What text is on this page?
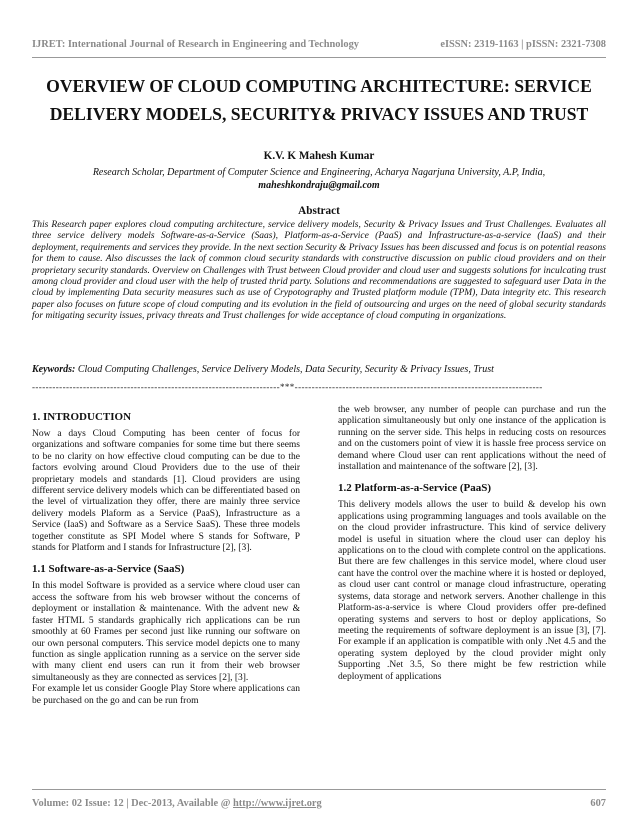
IJRET: International Journal of Research in Engineering and Technology	eISSN: 2319-1163 | pISSN: 2321-7308
OVERVIEW OF CLOUD COMPUTING ARCHITECTURE: SERVICE
DELIVERY MODELS, SECURITY& PRIVACY ISSUES AND TRUST
K.V. K Mahesh Kumar
Research Scholar, Department of Computer Science and Engineering, Acharya Nagarjuna University, A.P, India,
maheshkondraju@gmail.com
Abstract

This Research paper explores cloud computing architecture, service delivery models, Security & Privacy Issues and Trust Challenges. Evaluates all three service delivery models Software-as-a-Service (Saas), Platform-as-a-Service (PaaS) and Infrastructure-as-a-service (IaaS) and their deployment, requirements and services they provide. In the next section Security & Privacy Issues has been discussed and focus is on potential reasons for them to cause. Also discusses the lack of common cloud security standards with constructive discussion on public cloud providers and on their proprietary security standards. Overview on Challenges with Trust between Cloud provider and cloud user and suggests solutions for inculcating trust among cloud provider and cloud user with the help of trusted thrid party. Solutions and recommendations are suggested to safeguard user Data in the cloud by implementing Data security measures such as use of Crypotography and Trusted platform module (TPM), Data integrity etc. This research paper also focuses on future scope of cloud computing and its evolution in the field of outsourcing and urges on the need of global security standards for mitigating security issues, privacy threats and Trust challenges for wide acceptance of cloud computing in organizations.

Keywords: Cloud Computing Challenges, Service Delivery Models, Data Security, Security & Privacy Issues, Trust

-------------------------------------------------------------------------***-------------------------------------------------------------------------
1. INTRODUCTION

Now a days Cloud Computing has been center of focus for organizations and software companies for some time but there seems to be no clarity on how effective cloud computing can be due to the factors evolving around Cloud Providers due to the use of their proprietary models and standards [1]. Cloud providers are using different service delivery models which can be differentiated based on the level of virtualization they offer, there are mainly three service delivery models Plaform as a Service (PaaS), Infrastructure as a Service (IaaS) and Software as a Service SaaS). These three models together constitute as SPI Model where S stands for Software, P stands for Platform and I stands for Infrastructure [2], [3].

1.1 Software-as-a-Service (SaaS)

In this model Software is provided as a service where cloud user can access the software from his web browser without the concerns of deployment or installation & maintenance. With the advent new & faster HTML 5 standards graphically rich applications can be run smoothly at 60 Frames per second just like running our software on our own personal computers. This service model depicts one to many function as single application running as a service on the server side with many client end users can run it from their web browser simultaneously as they are connected as services [2], [3].

For example let us consider Google Play Store where applications can be purchased on the go and can be run from

the web browser, any number of people can purchase and run the application simultaneously but only one instance of the application is running on the server side. This helps in reducing costs on resources and on the customers point of view it is hassle free process service on demand where Cloud user can rent applications without the need of installation and maintenance of the software [2], [3].

1.2 Platform-as-a-Service (PaaS)

This delivery models allows the user to build & develop his own applications using programming languages and tools available on the on the cloud provider infrastructure. This kind of service delivery model is useful in situation where the cloud user can deploy his applications on to the cloud with complete control on the applications. But there are few challenges in this service model, where cloud user cant have the control over the machine where it is hosted or deployed, as cloud user cant control or manage cloud infrastructure, operating systems, data storage and network servers. Another challenge in this Platform-as-a-service is where Cloud providers offer pre-defined operating systems and servers to host or deploy applications, So meeting the requirements of software deployment is an issue [3], [7]. For example if an application is compatible with only .Net 4.5 and the operating system deployed by the cloud provider might only Supporting .Net 3.5, So there might be few restriction while deployment of applications

Volume: 02 Issue: 12 | Dec-2013, Available @ http://www.ijret.org	607
